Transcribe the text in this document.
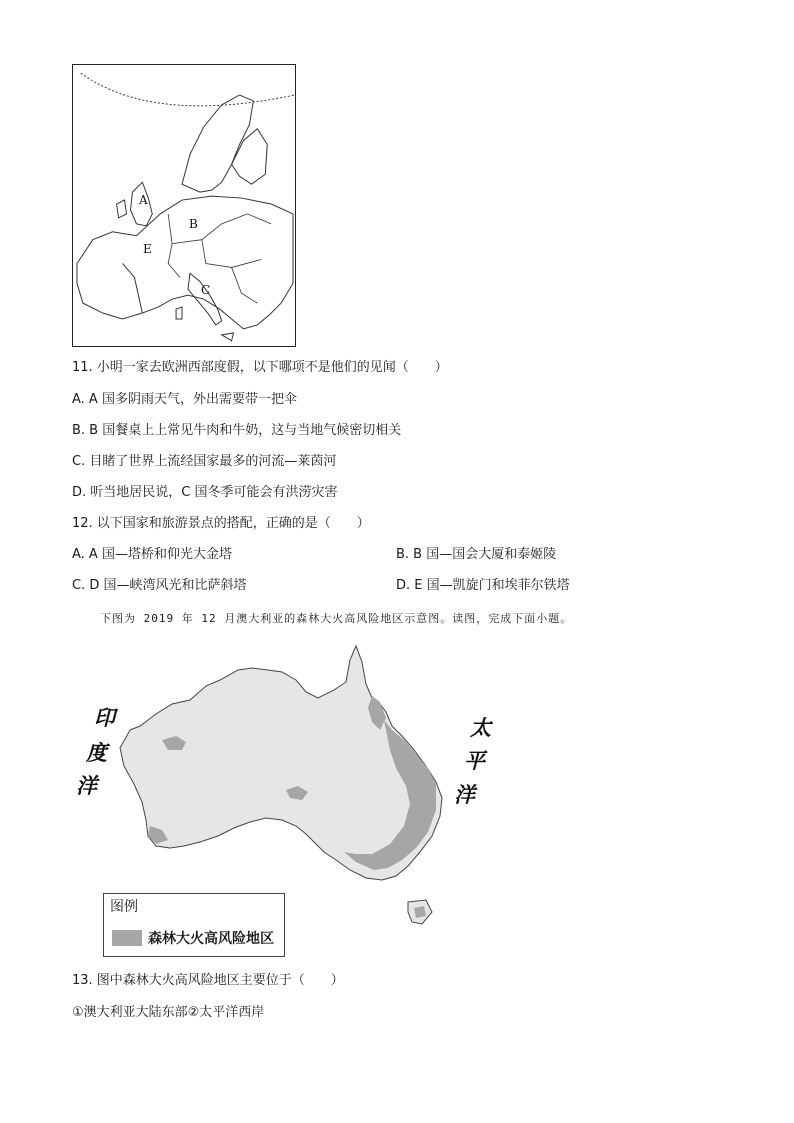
A
B
E
C
11. 小明一家去欧洲西部度假，以下哪项不是他们的见闻（　　）
A. A 国多阴雨天气，外出需要带一把伞
B. B 国餐桌上上常见牛肉和牛奶，这与当地气候密切相关
C. 目睹了世界上流经国家最多的河流—莱茵河
D. 听当地居民说，C 国冬季可能会有洪涝灾害
12. 以下国家和旅游景点的搭配，正确的是（　　）
A. A 国—塔桥和仰光大金塔	B. B 国—国会大厦和泰姬陵
C. D 国—峡湾风光和比萨斜塔	D. E 国—凯旋门和埃菲尔铁塔
下图为 2019 年 12 月澳大利亚的森林大火高风险地区示意图。读图，完成下面小题。
印
度
洋
太
平
洋
图例
森林大火高风险地区
13. 图中森林大火高风险地区主要位于（　　）
①澳大利亚大陆东部②太平洋西岸
